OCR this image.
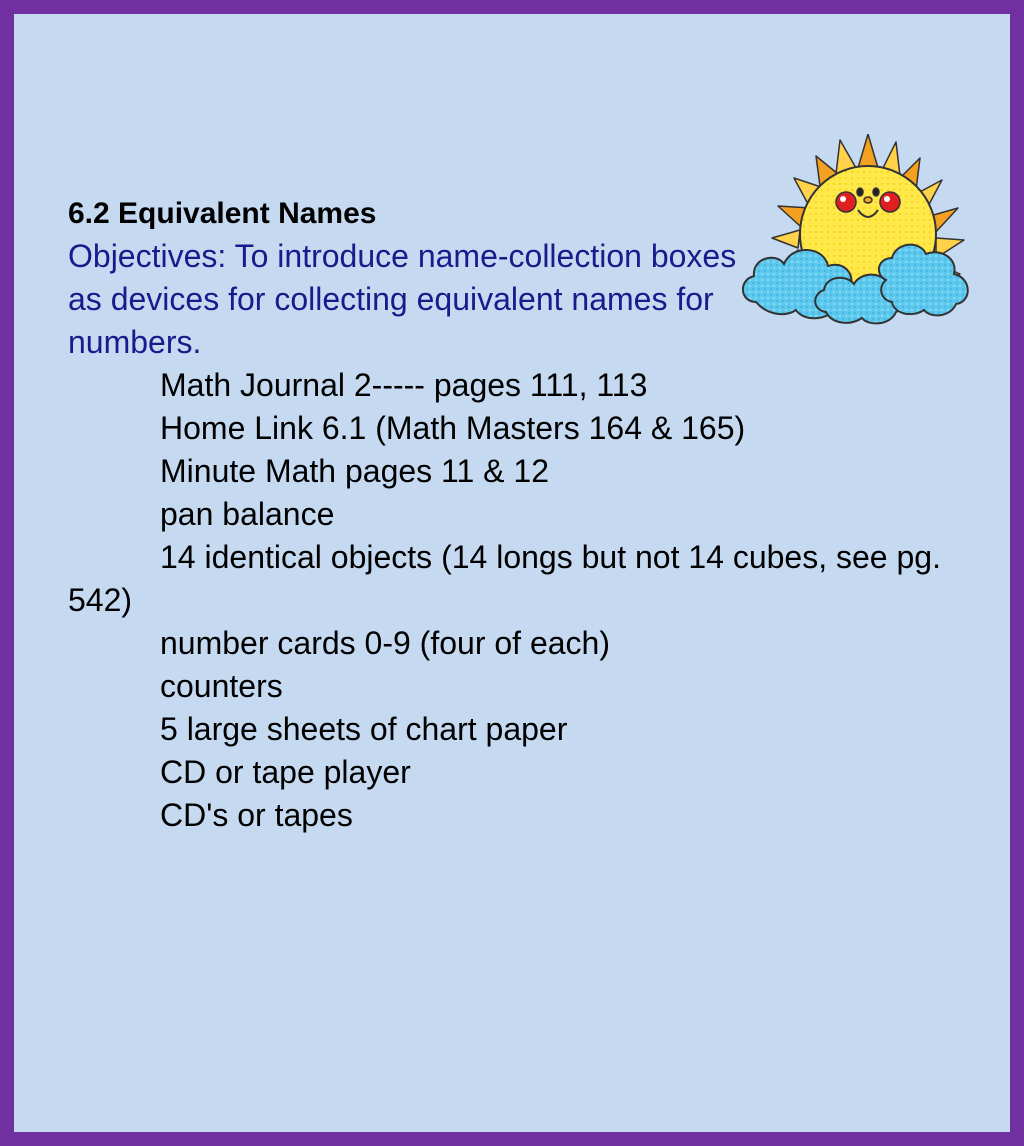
6.2 Equivalent Names
Objectives: To introduce name-collection boxes as devices for collecting equivalent names for numbers.
Math Journal 2----- pages 111, 113
Home Link 6.1 (Math Masters 164 & 165)
Minute Math pages 11 & 12
pan balance
14 identical objects (14 longs but not 14 cubes, see pg. 542)
number cards 0-9 (four of each)
counters
5 large sheets of chart paper
CD or tape player
CD's or tapes
